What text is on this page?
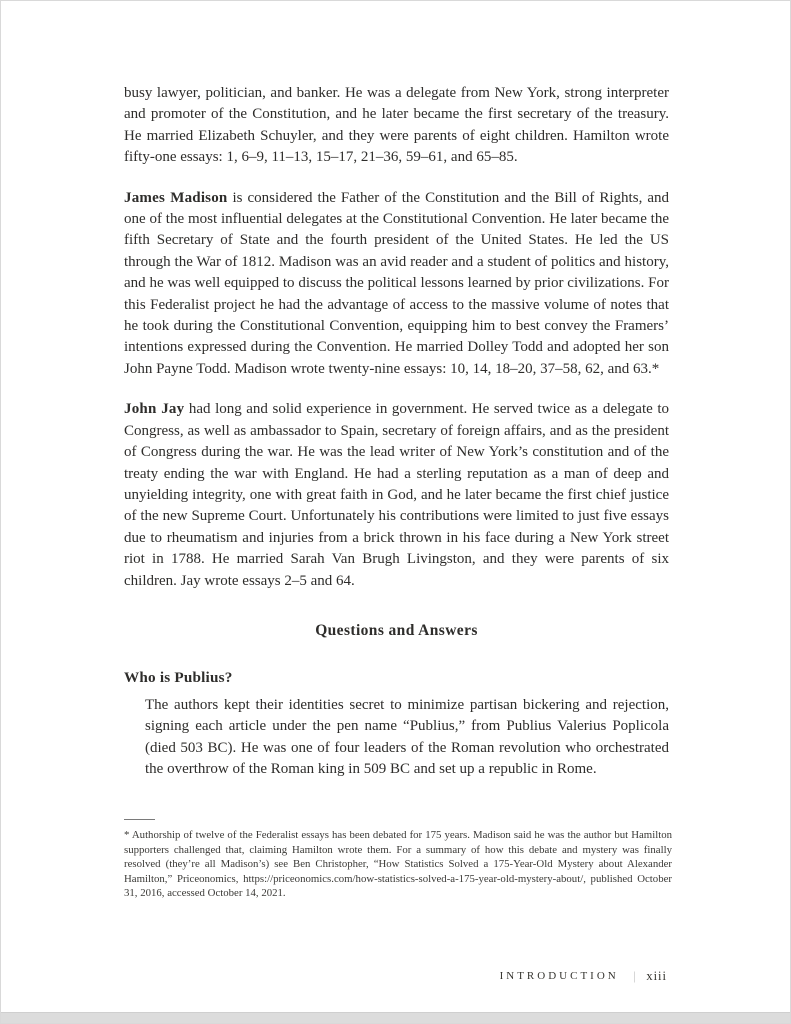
busy lawyer, politician, and banker. He was a delegate from New York, strong interpreter and promoter of the Constitution, and he later became the first secretary of the treasury. He married Elizabeth Schuyler, and they were parents of eight children. Hamilton wrote fifty-one essays: 1, 6–9, 11–13, 15–17, 21–36, 59–61, and 65–85.

James Madison is considered the Father of the Constitution and the Bill of Rights, and one of the most influential delegates at the Constitutional Convention. He later became the fifth Secretary of State and the fourth president of the United States. He led the US through the War of 1812. Madison was an avid reader and a student of politics and history, and he was well equipped to discuss the political lessons learned by prior civilizations. For this Federalist project he had the advantage of access to the massive volume of notes that he took during the Constitutional Convention, equipping him to best convey the Framers’ intentions expressed during the Convention. He married Dolley Todd and adopted her son John Payne Todd. Madison wrote twenty-nine essays: 10, 14, 18–20, 37–58, 62, and 63.*

John Jay had long and solid experience in government. He served twice as a delegate to Congress, as well as ambassador to Spain, secretary of foreign affairs, and as the president of Congress during the war. He was the lead writer of New York’s constitution and of the treaty ending the war with England. He had a sterling reputation as a man of deep and unyielding integrity, one with great faith in God, and he later became the first chief justice of the new Supreme Court. Unfortunately his contributions were limited to just five essays due to rheumatism and injuries from a brick thrown in his face during a New York street riot in 1788. He married Sarah Van Brugh Livingston, and they were parents of six children. Jay wrote essays 2–5 and 64.

Questions and Answers
Who is Publius?

The authors kept their identities secret to minimize partisan bickering and rejection, signing each article under the pen name “Publius,” from Publius Valerius Poplicola (died 503 BC). He was one of four leaders of the Roman revolution who orchestrated the overthrow of the Roman king in 509 BC and set up a republic in Rome.

* Authorship of twelve of the Federalist essays has been debated for 175 years. Madison said he was the author but Hamilton supporters challenged that, claiming Hamilton wrote them. For a summary of how this debate and mystery was finally resolved (they’re all Madison’s) see Ben Christopher, “How Statistics Solved a 175-Year-Old Mystery about Alexander Hamilton,” Priceonomics, https://priceonomics.com/how-statistics-solved-a-175-year-old-mystery-about/, published October 31, 2016, accessed October 14, 2021.

INTRODUCTION | xiii
